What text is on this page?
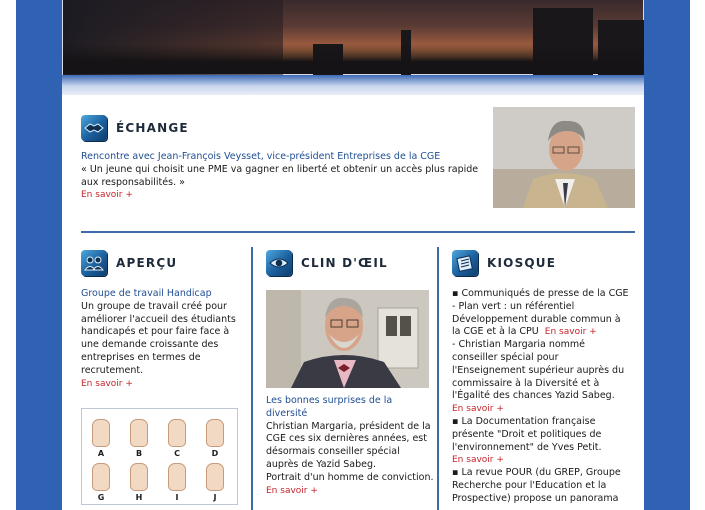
ÉCHANGE
Rencontre avec Jean-François Veysset, vice-président Entreprises de la CGE
« Un jeune qui choisit une PME va gagner en liberté et obtenir un accès plus rapide aux responsabilités. »
En savoir +
APERÇU
Groupe de travail Handicap
Un groupe de travail créé pour améliorer l'accueil des étudiants handicapés et pour faire face à une demande croissante des entreprises en termes de recrutement.
En savoir +
A	B	C	D
G	H	I	J
CLIN D'ŒIL
Les bonnes surprises de la diversité
Christian Margaria, président de la CGE ces six dernières années, est désormais conseiller spécial auprès de Yazid Sabeg.
Portrait d'un homme de conviction.
En savoir +
KIOSQUE
▪ Communiqués de presse de la CGE
- Plan vert : un référentiel Développement durable commun à la CGE et à la CPU En savoir +
- Christian Margaria nommé conseiller spécial pour l'Enseignement supérieur auprès du commissaire à la Diversité et à l'Égalité des chances Yazid Sabeg.
En savoir +
▪ La Documentation française présente "Droit et politiques de l'environnement" de Yves Petit.
En savoir +
▪ La revue POUR (du GREP, Groupe Recherche pour l'Education et la Prospective) propose un panorama
